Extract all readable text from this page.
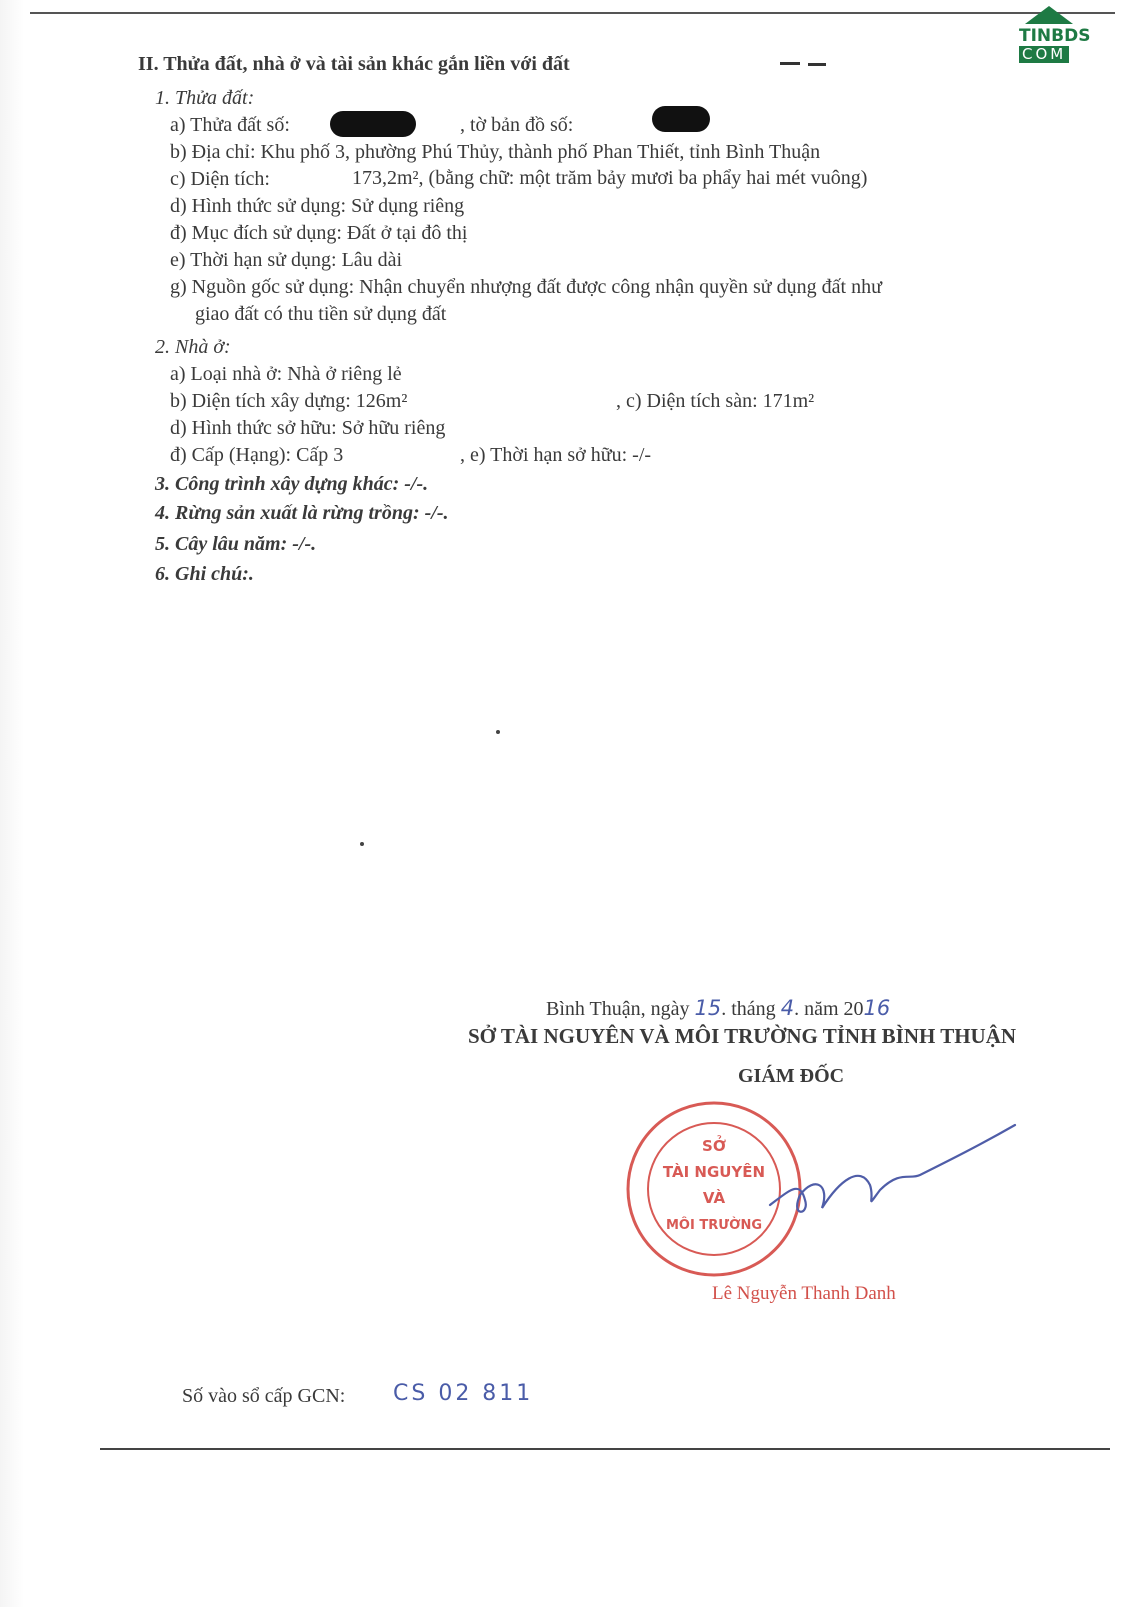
TINBDS
COM
II. Thửa đất, nhà ở và tài sản khác gắn liền với đất
1. Thửa đất:
a) Thửa đất số:	, tờ bản đồ số:
b) Địa chỉ: Khu phố 3, phường Phú Thủy, thành phố Phan Thiết, tỉnh Bình Thuận
c) Diện tích:	173,2m², (bằng chữ: một trăm bảy mươi ba phẩy hai mét vuông)
d) Hình thức sử dụng: Sử dụng riêng
đ) Mục đích sử dụng: Đất ở tại đô thị
e) Thời hạn sử dụng: Lâu dài
g) Nguồn gốc sử dụng: Nhận chuyển nhượng đất được công nhận quyền sử dụng đất như
giao đất có thu tiền sử dụng đất
2. Nhà ở:
a) Loại nhà ở: Nhà ở riêng lẻ
b) Diện tích xây dựng: 126m²	, c) Diện tích sàn: 171m²
d) Hình thức sở hữu: Sở hữu riêng
đ) Cấp (Hạng): Cấp 3	, e) Thời hạn sở hữu: -/-
3. Công trình xây dựng khác: -/-.
4. Rừng sản xuất là rừng trồng: -/-.
5. Cây lâu năm: -/-.
6. Ghi chú:.
Bình Thuận, ngày 15. tháng 4. năm 2016
SỞ TÀI NGUYÊN VÀ MÔI TRƯỜNG TỈNH BÌNH THUẬN
GIÁM ĐỐC
SỞ
TÀI NGUYÊN
VÀ
MÔI TRƯỜNG
Lê Nguyễn Thanh Danh
Số vào sổ cấp GCN: CS 02 811
